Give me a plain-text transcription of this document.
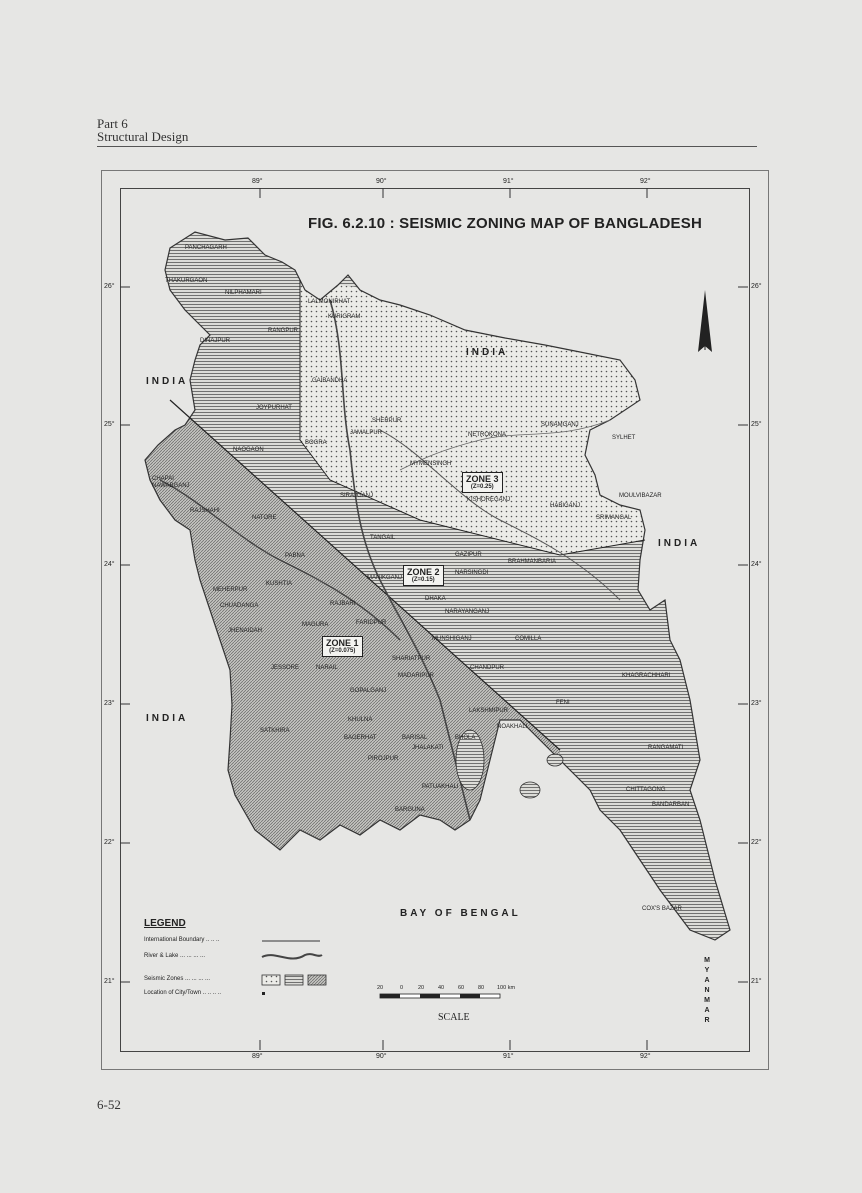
Part 6
Structural Design
FIG. 6.2.10 : SEISMIC ZONING MAP OF BANGLADESH
89°	90°	91°	92°
89°	90°	91°	92°
26°
25°
24°
23°
22°
21°
26°
25°
24°
23°
22°
21°
INDIA
INDIA
INDIA
INDIA
BAY OF BENGAL
MYANMAR
ZONE 1
(Z=0.075)
ZONE 2
(Z=0.15)
ZONE 3
(Z=0.25)
PANCHAGARH
THAKURGAON
NILPHAMARI
LALMONIRHAT
KURIGRAM
RANGPUR
DINAJPUR
GAIBANDHA
JOYPURHAT
SHERPUR
JAMALPUR	NETROKONA
SUNAMGANJ
SYLHET
BOGRA
NAOGAON
MYMENSINGH
CHAPAI NAWABGANJ
SIRAJGANJ
KISHOREGANJ
MOULVIBAZAR
HABIGANJ
RAJSHAHI
NATORE	SRIMANGAL
TANGAIL
GAZIPUR
BRAHMANBARIA
PABNA
NARSINGDI
MANIKGANJ
MEHERPUR
KUSHTIA
DHAKA
CHUADANGA	RAJBARI
NARAYANGANJ
FARIDPUR
MAGURA
JHENAIDAH
MUNSHIGANJ	COMILLA
SHARIATPUR
CHANDPUR
JESSORE	NARAIL
MADARIPUR	KHAGRACHHARI
GOPALGANJ
FENI
LAKSHMIPUR
NOAKHALI
KHULNA
SATKHIRA
BAGERHAT	BARISAL	BHOLA
JHALAKATI	RANGAMATI
PIROJPUR
PATUAKHALI	CHITTAGONG
BARGUNA
BANDARBAN
COX'S BAZAR
LEGEND
International Boundary .. .. ..
River & Lake ... ... ... ...
Seismic Zones ... ... ... ...
Location of City/Town .. .. .. ..
20	0	20	40	60	80 100 km
SCALE
6-52
